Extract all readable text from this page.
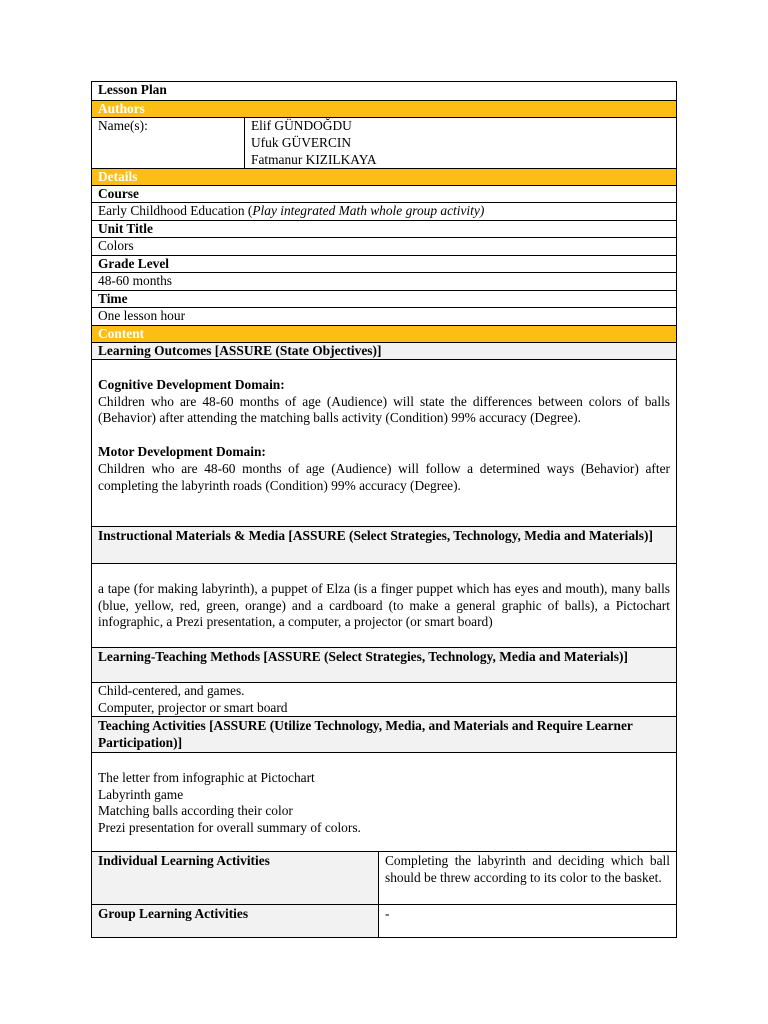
Lesson Plan
Authors
Name(s):	Elif GÜNDOĞDU

Ufuk GÜVERCIN

Fatmanur KIZILKAYA

Details
Course
Early Childhood Education (Play integrated Math whole group activity)
Unit Title
Colors
Grade Level
48-60 months
Time
One lesson hour
Content
Learning Outcomes [ASSURE (State Objectives)]

Cognitive Development Domain:

Children who are 48-60 months of age (Audience) will state the differences between colors of balls (Behavior) after attending the matching balls activity (Condition) 99% accuracy (Degree).

Motor Development Domain:

Children who are 48-60 months of age (Audience) will follow a determined ways (Behavior) after completing the labyrinth roads (Condition) 99% accuracy (Degree).

Instructional Materials & Media [ASSURE (Select Strategies, Technology, Media and Materials)]

a tape (for making labyrinth), a puppet of Elza (is a finger puppet which has eyes and mouth), many balls (blue, yellow, red, green, orange) and a cardboard (to make a general graphic of balls), a Pictochart infographic, a Prezi presentation, a computer, a projector (or smart board)

Learning-Teaching Methods [ASSURE (Select Strategies, Technology, Media and Materials)]

Child-centered, and games.

Computer, projector or smart board

Teaching Activities [ASSURE (Utilize Technology, Media, and Materials and Require Learner Participation)]

The letter from infographic at Pictochart

Labyrinth game

Matching balls according their color

Prezi presentation for overall summary of colors.

Individual Learning Activities	Completing the labyrinth and deciding which ball should be threw according to its color to the basket.
Group Learning Activities	-
